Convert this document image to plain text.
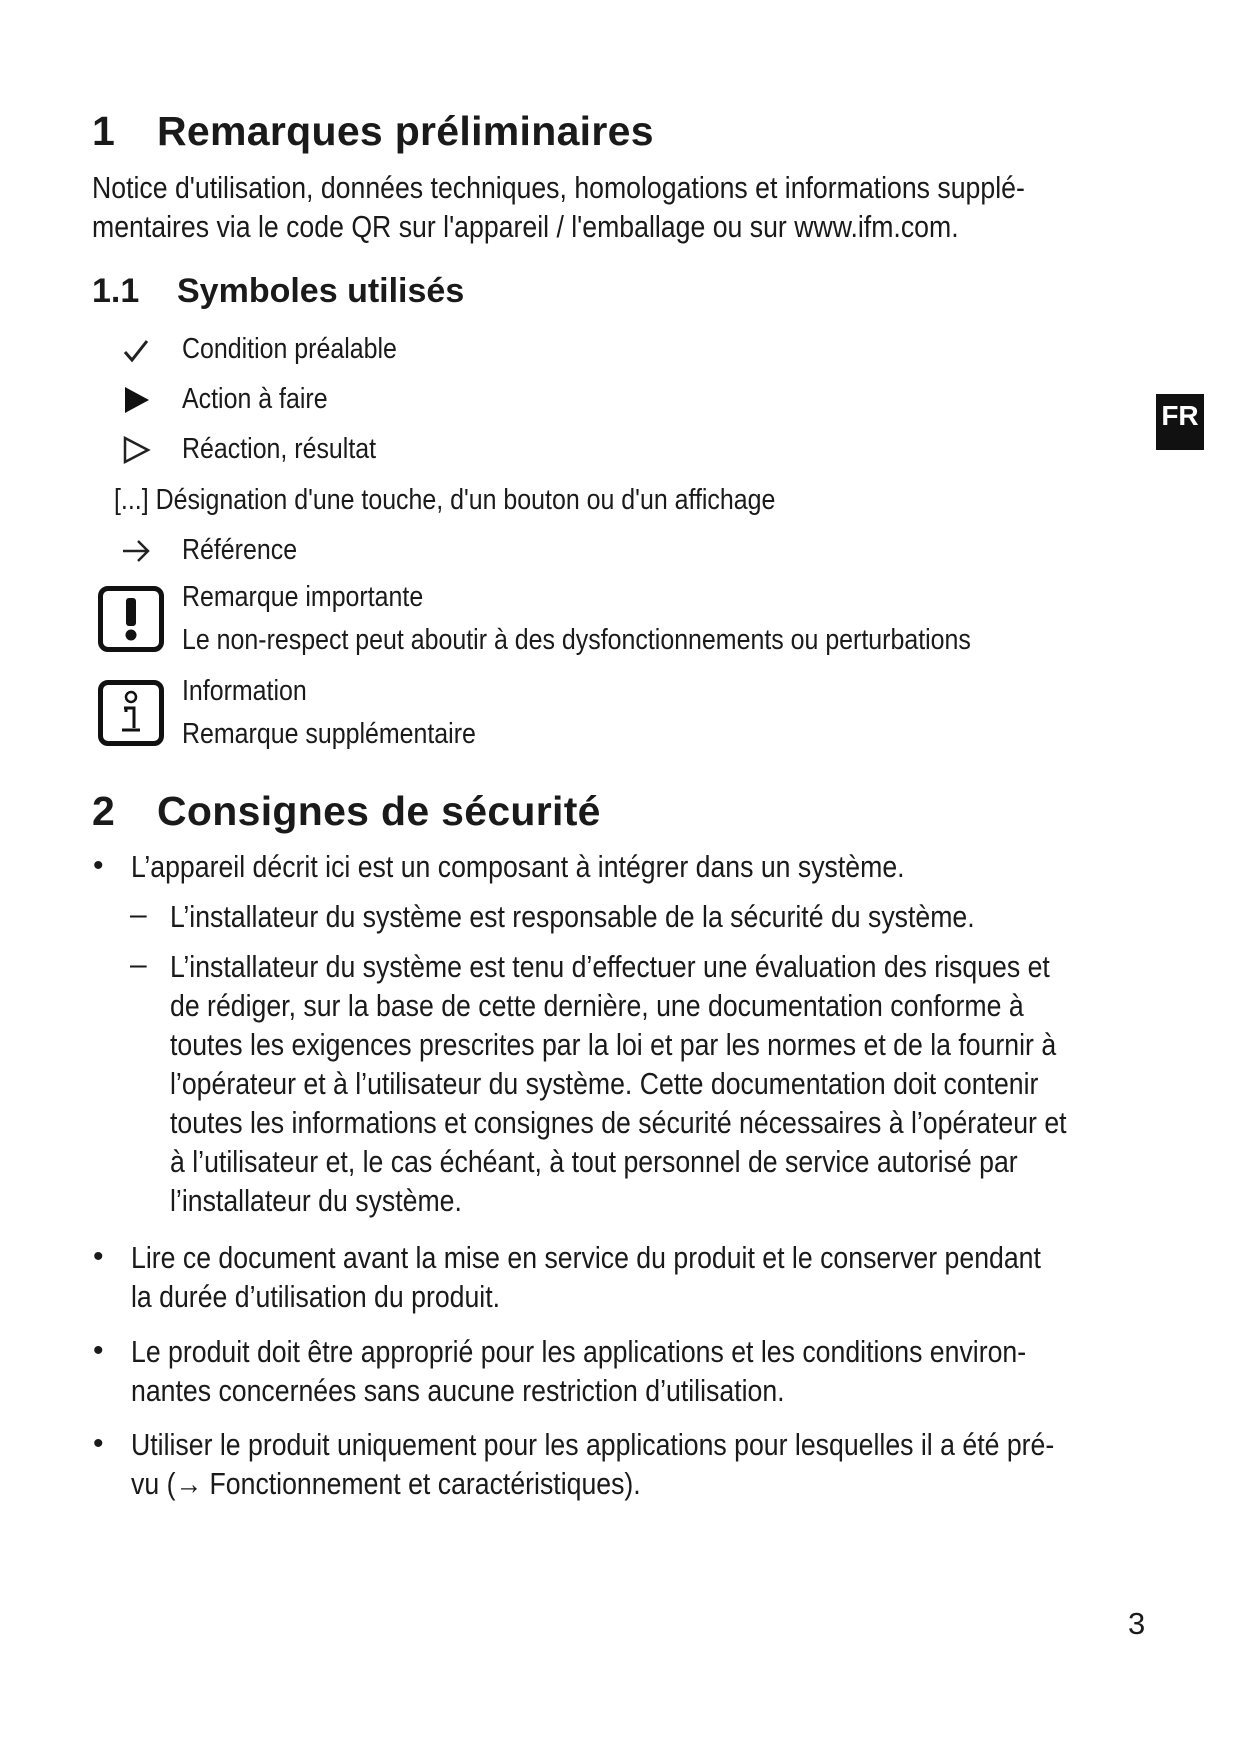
1 Remarques préliminaires
Notice d'utilisation, données techniques, homologations et informations supplé-
mentaires via le code QR sur l'appareil / l'emballage ou sur www.ifm.com.
1.1 Symboles utilisés
Condition préalable
Action à faire
Réaction, résultat
[...] Désignation d'une touche, d'un bouton ou d'un affichage
Référence
Remarque importante
Le non-respect peut aboutir à des dysfonctionnements ou perturbations
Information
Remarque supplémentaire
2 Consignes de sécurité
• L’appareil décrit ici est un composant à intégrer dans un système.
– L’installateur du système est responsable de la sécurité du système.
– L’installateur du système est tenu d’effectuer une évaluation des risques et
de rédiger, sur la base de cette dernière, une documentation conforme à
toutes les exigences prescrites par la loi et par les normes et de la fournir à
l’opérateur et à l’utilisateur du système. Cette documentation doit contenir
toutes les informations et consignes de sécurité nécessaires à l’opérateur et
à l’utilisateur et, le cas échéant, à tout personnel de service autorisé par
l’installateur du système.
• Lire ce document avant la mise en service du produit et le conserver pendant
la durée d’utilisation du produit.
• Le produit doit être approprié pour les applications et les conditions environ-
nantes concernées sans aucune restriction d’utilisation.
• Utiliser le produit uniquement pour les applications pour lesquelles il a été pré-
vu (→ Fonctionnement et caractéristiques).
FR
3
